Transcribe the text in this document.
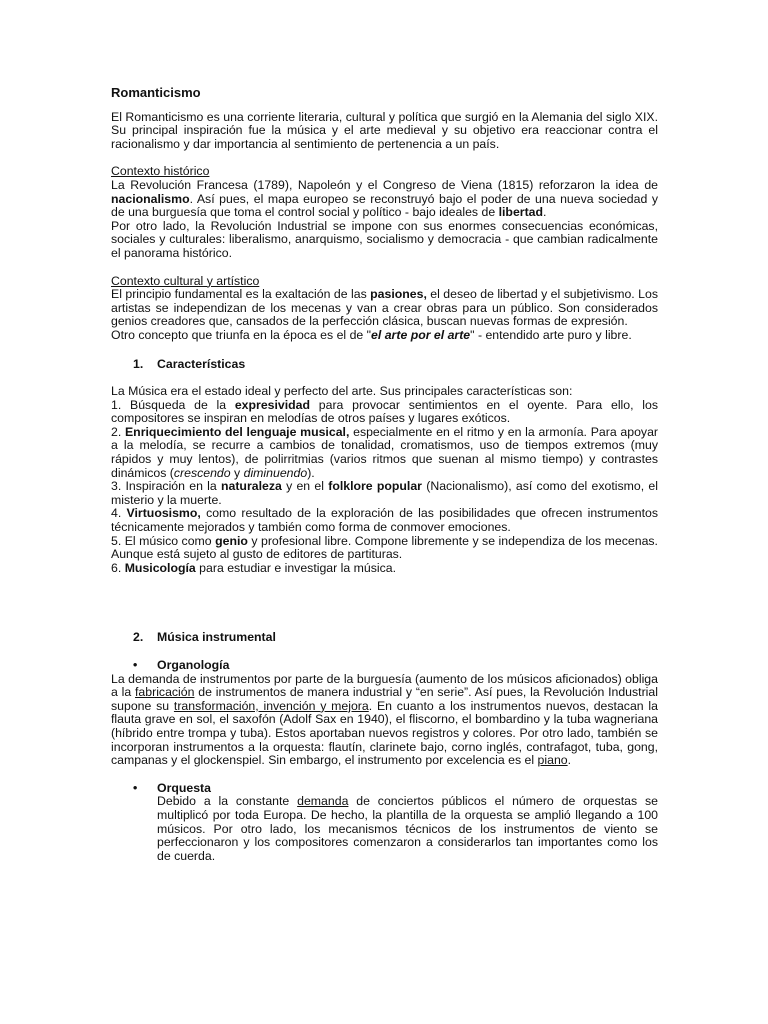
Romanticismo

El Romanticismo es una corriente literaria, cultural y política que surgió en la Alemania del siglo XIX. Su principal inspiración fue la música y el arte medieval y su objetivo era reaccionar contra el racionalismo y dar importancia al sentimiento de pertenencia a un país.

Contexto histórico

La Revolución Francesa (1789), Napoleón y el Congreso de Viena (1815) reforzaron la idea de nacionalismo. Así pues, el mapa europeo se reconstruyó bajo el poder de una nueva sociedad y de una burguesía que toma el control social y político - bajo ideales de libertad.

Por otro lado, la Revolución Industrial se impone con sus enormes consecuencias económicas, sociales y culturales: liberalismo, anarquismo, socialismo y democracia - que cambian radicalmente el panorama histórico.

Contexto cultural y artístico

El principio fundamental es la exaltación de las pasiones, el deseo de libertad y el subjetivismo. Los artistas se independizan de los mecenas y van a crear obras para un público. Son considerados genios creadores que, cansados de la perfección clásica, buscan nuevas formas de expresión.

Otro concepto que triunfa en la época es el de "el arte por el arte" - entendido arte puro y libre.

1. Características

La Música era el estado ideal y perfecto del arte. Sus principales características son:

1. Búsqueda de la expresividad para provocar sentimientos en el oyente. Para ello, los compositores se inspiran en melodías de otros países y lugares exóticos.

2. Enriquecimiento del lenguaje musical, especialmente en el ritmo y en la armonía. Para apoyar a la melodía, se recurre a cambios de tonalidad, cromatismos, uso de tiempos extremos (muy rápidos y muy lentos), de polirritmias (varios ritmos que suenan al mismo tiempo) y contrastes dinámicos (crescendo y diminuendo).

3. Inspiración en la naturaleza y en el folklore popular (Nacionalismo), así como del exotismo, el misterio y la muerte.

4. Virtuosismo, como resultado de la exploración de las posibilidades que ofrecen instrumentos técnicamente mejorados y también como forma de conmover emociones.

5. El músico como genio y profesional libre. Compone libremente y se independiza de los mecenas. Aunque está sujeto al gusto de editores de partituras.

6. Musicología para estudiar e investigar la música.

2. Música instrumental

• Organología

La demanda de instrumentos por parte de la burguesía (aumento de los músicos aficionados) obliga a la fabricación de instrumentos de manera industrial y “en serie”. Así pues, la Revolución Industrial supone su transformación, invención y mejora. En cuanto a los instrumentos nuevos, destacan la flauta grave en sol, el saxofón (Adolf Sax en 1940), el fliscorno, el bombardino y la tuba wagneriana (híbrido entre trompa y tuba). Estos aportaban nuevos registros y colores. Por otro lado, también se incorporan instrumentos a la orquesta: flautín, clarinete bajo, corno inglés, contrafagot, tuba, gong, campanas y el glockenspiel. Sin embargo, el instrumento por excelencia es el piano.

• Orquesta

Debido a la constante demanda de conciertos públicos el número de orquestas se multiplicó por toda Europa. De hecho, la plantilla de la orquesta se amplió llegando a 100 músicos. Por otro lado, los mecanismos técnicos de los instrumentos de viento se perfeccionaron y los compositores comenzaron a considerarlos tan importantes como los de cuerda.
